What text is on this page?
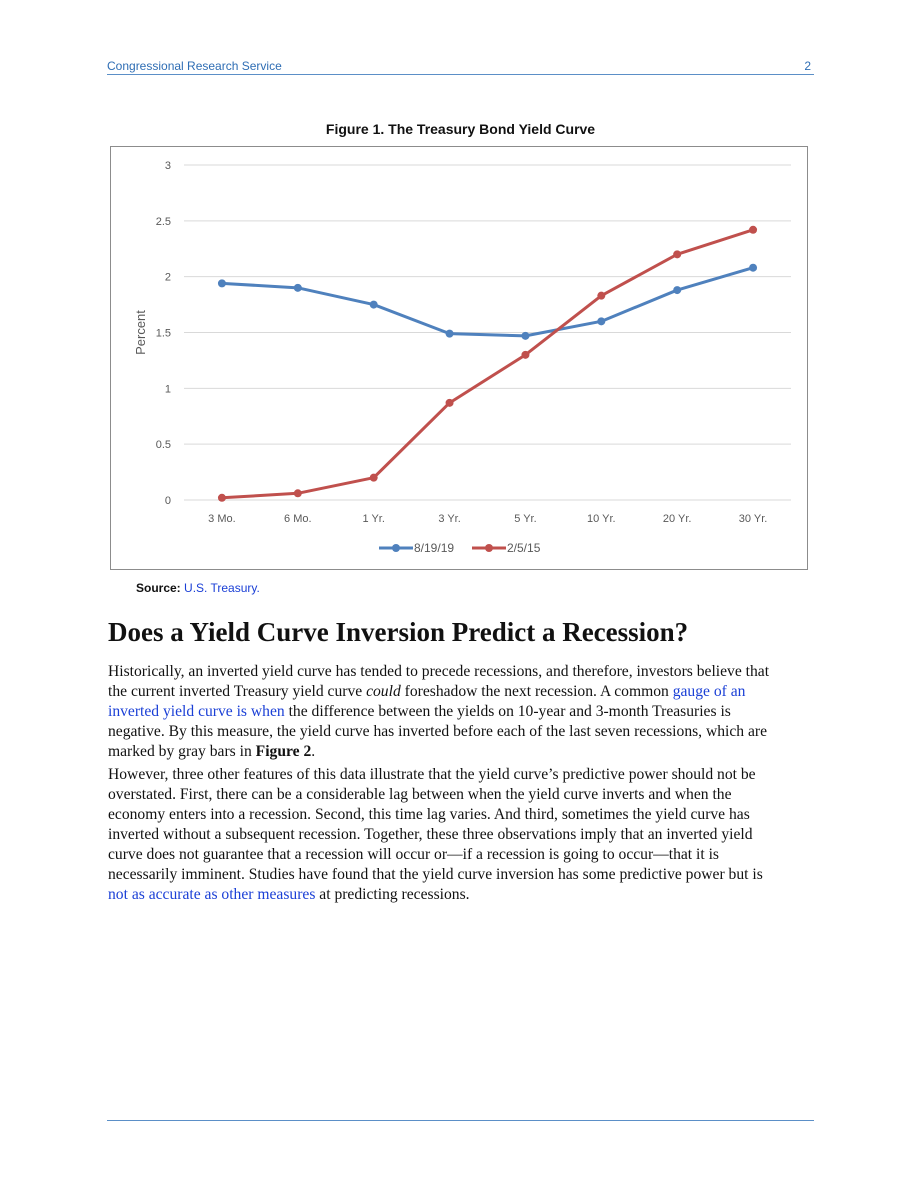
Congressional Research Service	2
Figure 1. The Treasury Bond Yield Curve
0
0.5
1
1.5
2
2.5
3
3 Mo.	6 Mo.	1 Yr.	3 Yr.	5 Yr.	10 Yr.	20 Yr.	30 Yr.
Percent
8/19/19	2/5/15
Source: U.S. Treasury.
Does a Yield Curve Inversion Predict a Recession?

Historically, an inverted yield curve has tended to precede recessions, and therefore, investors believe that
the current inverted Treasury yield curve could foreshadow the next recession. A common gauge of an
inverted yield curve is when the difference between the yields on 10-year and 3-month Treasuries is
negative. By this measure, the yield curve has inverted before each of the last seven recessions, which are
marked by gray bars in Figure 2.

However, three other features of this data illustrate that the yield curve’s predictive power should not be
overstated. First, there can be a considerable lag between when the yield curve inverts and when the
economy enters into a recession. Second, this time lag varies. And third, sometimes the yield curve has
inverted without a subsequent recession. Together, these three observations imply that an inverted yield
curve does not guarantee that a recession will occur or—if a recession is going to occur—that it is
necessarily imminent. Studies have found that the yield curve inversion has some predictive power but is
not as accurate as other measures at predicting recessions.
